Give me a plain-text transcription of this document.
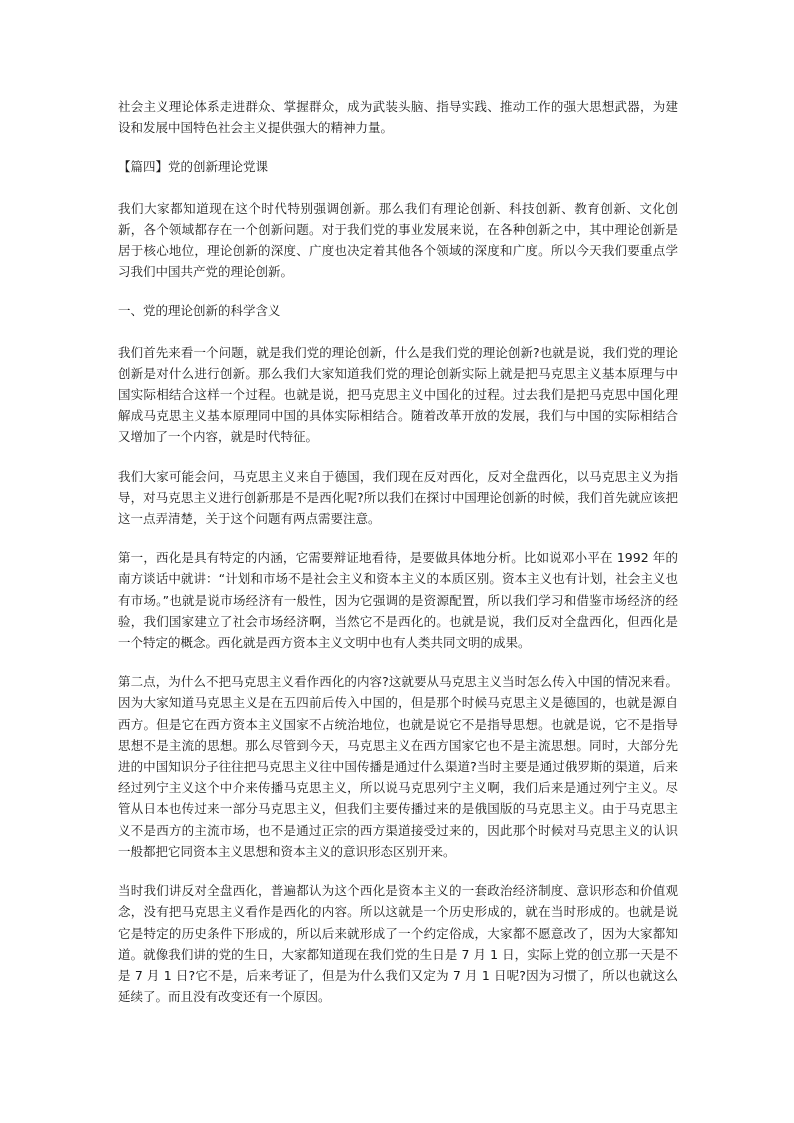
社会主义理论体系走进群众、掌握群众，成为武装头脑、指导实践、推动工作的强大思想武器，为建设和发展中国特色社会主义提供强大的精神力量。

【篇四】党的创新理论党课

我们大家都知道现在这个时代特别强调创新。那么我们有理论创新、科技创新、教育创新、文化创新，各个领域都存在一个创新问题。对于我们党的事业发展来说，在各种创新之中，其中理论创新是居于核心地位，理论创新的深度、广度也决定着其他各个领域的深度和广度。所以今天我们要重点学习我们中国共产党的理论创新。

一、党的理论创新的科学含义

我们首先来看一个问题，就是我们党的理论创新，什么是我们党的理论创新?也就是说，我们党的理论创新是对什么进行创新。那么我们大家知道我们党的理论创新实际上就是把马克思主义基本原理与中国实际相结合这样一个过程。也就是说，把马克思主义中国化的过程。过去我们是把马克思中国化理解成马克思主义基本原理同中国的具体实际相结合。随着改革开放的发展，我们与中国的实际相结合又增加了一个内容，就是时代特征。

我们大家可能会问，马克思主义来自于德国，我们现在反对西化，反对全盘西化，以马克思主义为指导，对马克思主义进行创新那是不是西化呢?所以我们在探讨中国理论创新的时候，我们首先就应该把这一点弄清楚，关于这个问题有两点需要注意。

第一，西化是具有特定的内涵，它需要辩证地看待，是要做具体地分析。比如说邓小平在 1992 年的南方谈话中就讲：“计划和市场不是社会主义和资本主义的本质区别。资本主义也有计划，社会主义也有市场。”也就是说市场经济有一般性，因为它强调的是资源配置，所以我们学习和借鉴市场经济的经验，我们国家建立了社会市场经济啊，当然它不是西化的。也就是说，我们反对全盘西化，但西化是一个特定的概念。西化就是西方资本主义文明中也有人类共同文明的成果。

第二点，为什么不把马克思主义看作西化的内容?这就要从马克思主义当时怎么传入中国的情况来看。因为大家知道马克思主义是在五四前后传入中国的，但是那个时候马克思主义是德国的，也就是源自西方。但是它在西方资本主义国家不占统治地位，也就是说它不是指导思想。也就是说，它不是指导思想不是主流的思想。那么尽管到今天，马克思主义在西方国家它也不是主流思想。同时，大部分先进的中国知识分子往往把马克思主义往中国传播是通过什么渠道?当时主要是通过俄罗斯的渠道，后来经过列宁主义这个中介来传播马克思主义，所以说马克思列宁主义啊，我们后来是通过列宁主义。尽管从日本也传过来一部分马克思主义，但我们主要传播过来的是俄国版的马克思主义。由于马克思主义不是西方的主流市场，也不是通过正宗的西方渠道接受过来的，因此那个时候对马克思主义的认识一般都把它同资本主义思想和资本主义的意识形态区别开来。

当时我们讲反对全盘西化，普遍都认为这个西化是资本主义的一套政治经济制度、意识形态和价值观念，没有把马克思主义看作是西化的内容。所以这就是一个历史形成的，就在当时形成的。也就是说它是特定的历史条件下形成的，所以后来就形成了一个约定俗成，大家都不愿意改了，因为大家都知道。就像我们讲的党的生日，大家都知道现在我们党的生日是 7 月 1 日，实际上党的创立那一天是不是 7 月 1 日?它不是，后来考证了，但是为什么我们又定为 7 月 1 日呢?因为习惯了，所以也就这么延续了。而且没有改变还有一个原因。
